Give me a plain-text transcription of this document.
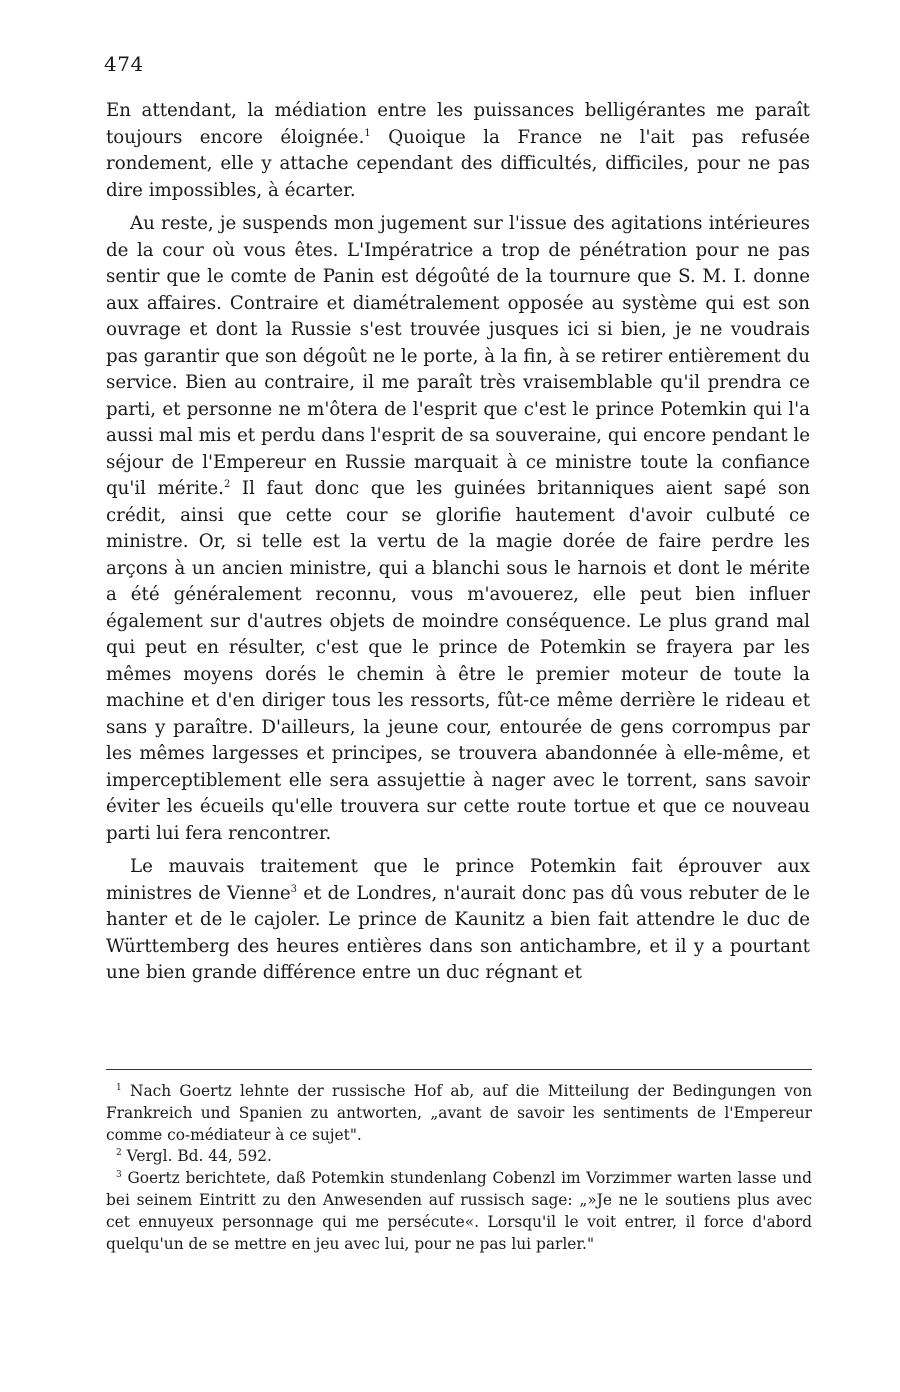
474

En attendant, la médiation entre les puissances belligérantes me paraît toujours encore éloignée.$^1$ Quoique la France ne l'ait pas refusée rondement, elle y attache cependant des difficultés, difficiles, pour ne pas dire impossibles, à écarter.

Au reste, je suspends mon jugement sur l'issue des agitations intérieures de la cour où vous êtes. L'Impératrice a trop de pénétration pour ne pas sentir que le comte de Panin est dégoûté de la tournure que S. M. I. donne aux affaires. Contraire et diamétralement opposée au système qui est son ouvrage et dont la Russie s'est trouvée jusques ici si bien, je ne voudrais pas garantir que son dégoût ne le porte, à la fin, à se retirer entièrement du service. Bien au contraire, il me paraît très vraisemblable qu'il prendra ce parti, et personne ne m'ôtera de l'esprit que c'est le prince Potemkin qui l'a aussi mal mis et perdu dans l'esprit de sa souveraine, qui encore pendant le séjour de l'Empereur en Russie marquait à ce ministre toute la confiance qu'il mérite.$^2$ Il faut donc que les guinées britanniques aient sapé son crédit, ainsi que cette cour se glorifie hautement d'avoir culbuté ce ministre. Or, si telle est la vertu de la magie dorée de faire perdre les arçons à un ancien ministre, qui a blanchi sous le harnois et dont le mérite a été généralement reconnu, vous m'avouerez, elle peut bien influer également sur d'autres objets de moindre conséquence. Le plus grand mal qui peut en résulter, c'est que le prince de Potemkin se frayera par les mêmes moyens dorés le chemin à être le premier moteur de toute la machine et d'en diriger tous les ressorts, fût-ce même derrière le rideau et sans y paraître. D'ailleurs, la jeune cour, entourée de gens corrompus par les mêmes largesses et principes, se trouvera abandonnée à elle-même, et imperceptiblement elle sera assujettie à nager avec le torrent, sans savoir éviter les écueils qu'elle trouvera sur cette route tortue et que ce nouveau parti lui fera rencontrer.

Le mauvais traitement que le prince Potemkin fait éprouver aux ministres de Vienne$^3$ et de Londres, n'aurait donc pas dû vous rebuter de le hanter et de le cajoler. Le prince de Kaunitz a bien fait attendre le duc de Württemberg des heures entières dans son antichambre, et il y a pourtant une bien grande différence entre un duc régnant et

$^1$ Nach Goertz lehnte der russische Hof ab, auf die Mitteilung der Bedingungen von Frankreich und Spanien zu antworten, „avant de savoir les sentiments de l'Empereur comme co-médiateur à ce sujet".

$^2$ Vergl. Bd. 44, 592.

$^3$ Goertz berichtete, daß Potemkin stundenlang Cobenzl im Vorzimmer warten lasse und bei seinem Eintritt zu den Anwesenden auf russisch sage: „»Je ne le soutiens plus avec cet ennuyeux personnage qui me persécute«. Lorsqu'il le voit entrer, il force d'abord quelqu'un de se mettre en jeu avec lui, pour ne pas lui parler."
